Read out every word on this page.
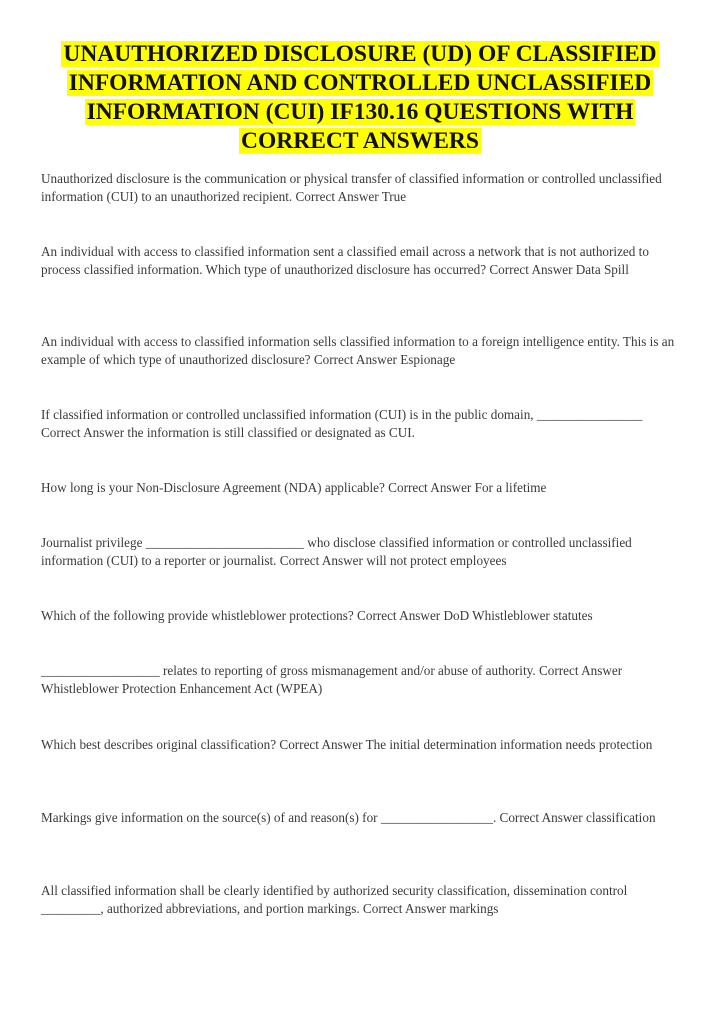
UNAUTHORIZED DISCLOSURE (UD) OF CLASSIFIED
INFORMATION AND CONTROLLED UNCLASSIFIED
INFORMATION (CUI) IF130.16 QUESTIONS WITH
CORRECT ANSWERS

Unauthorized disclosure is the communication or physical transfer of classified information or controlled unclassified information (CUI) to an unauthorized recipient. Correct Answer True

An individual with access to classified information sent a classified email across a network that is not authorized to process classified information. Which type of unauthorized disclosure has occurred? Correct Answer Data Spill

An individual with access to classified information sells classified information to a foreign intelligence entity. This is an example of which type of unauthorized disclosure? Correct Answer Espionage

If classified information or controlled unclassified information (CUI) is in the public domain, ________________ Correct Answer the information is still classified or designated as CUI.

How long is your Non-Disclosure Agreement (NDA) applicable? Correct Answer For a lifetime

Journalist privilege ________________________ who disclose classified information or controlled unclassified information (CUI) to a reporter or journalist. Correct Answer will not protect employees

Which of the following provide whistleblower protections? Correct Answer DoD Whistleblower statutes

__________________ relates to reporting of gross mismanagement and/or abuse of authority. Correct Answer Whistleblower Protection Enhancement Act (WPEA)

Which best describes original classification? Correct Answer The initial determination information needs protection

Markings give information on the source(s) of and reason(s) for _________________. Correct Answer classification

All classified information shall be clearly identified by authorized security classification, dissemination control _________, authorized abbreviations, and portion markings. Correct Answer markings
